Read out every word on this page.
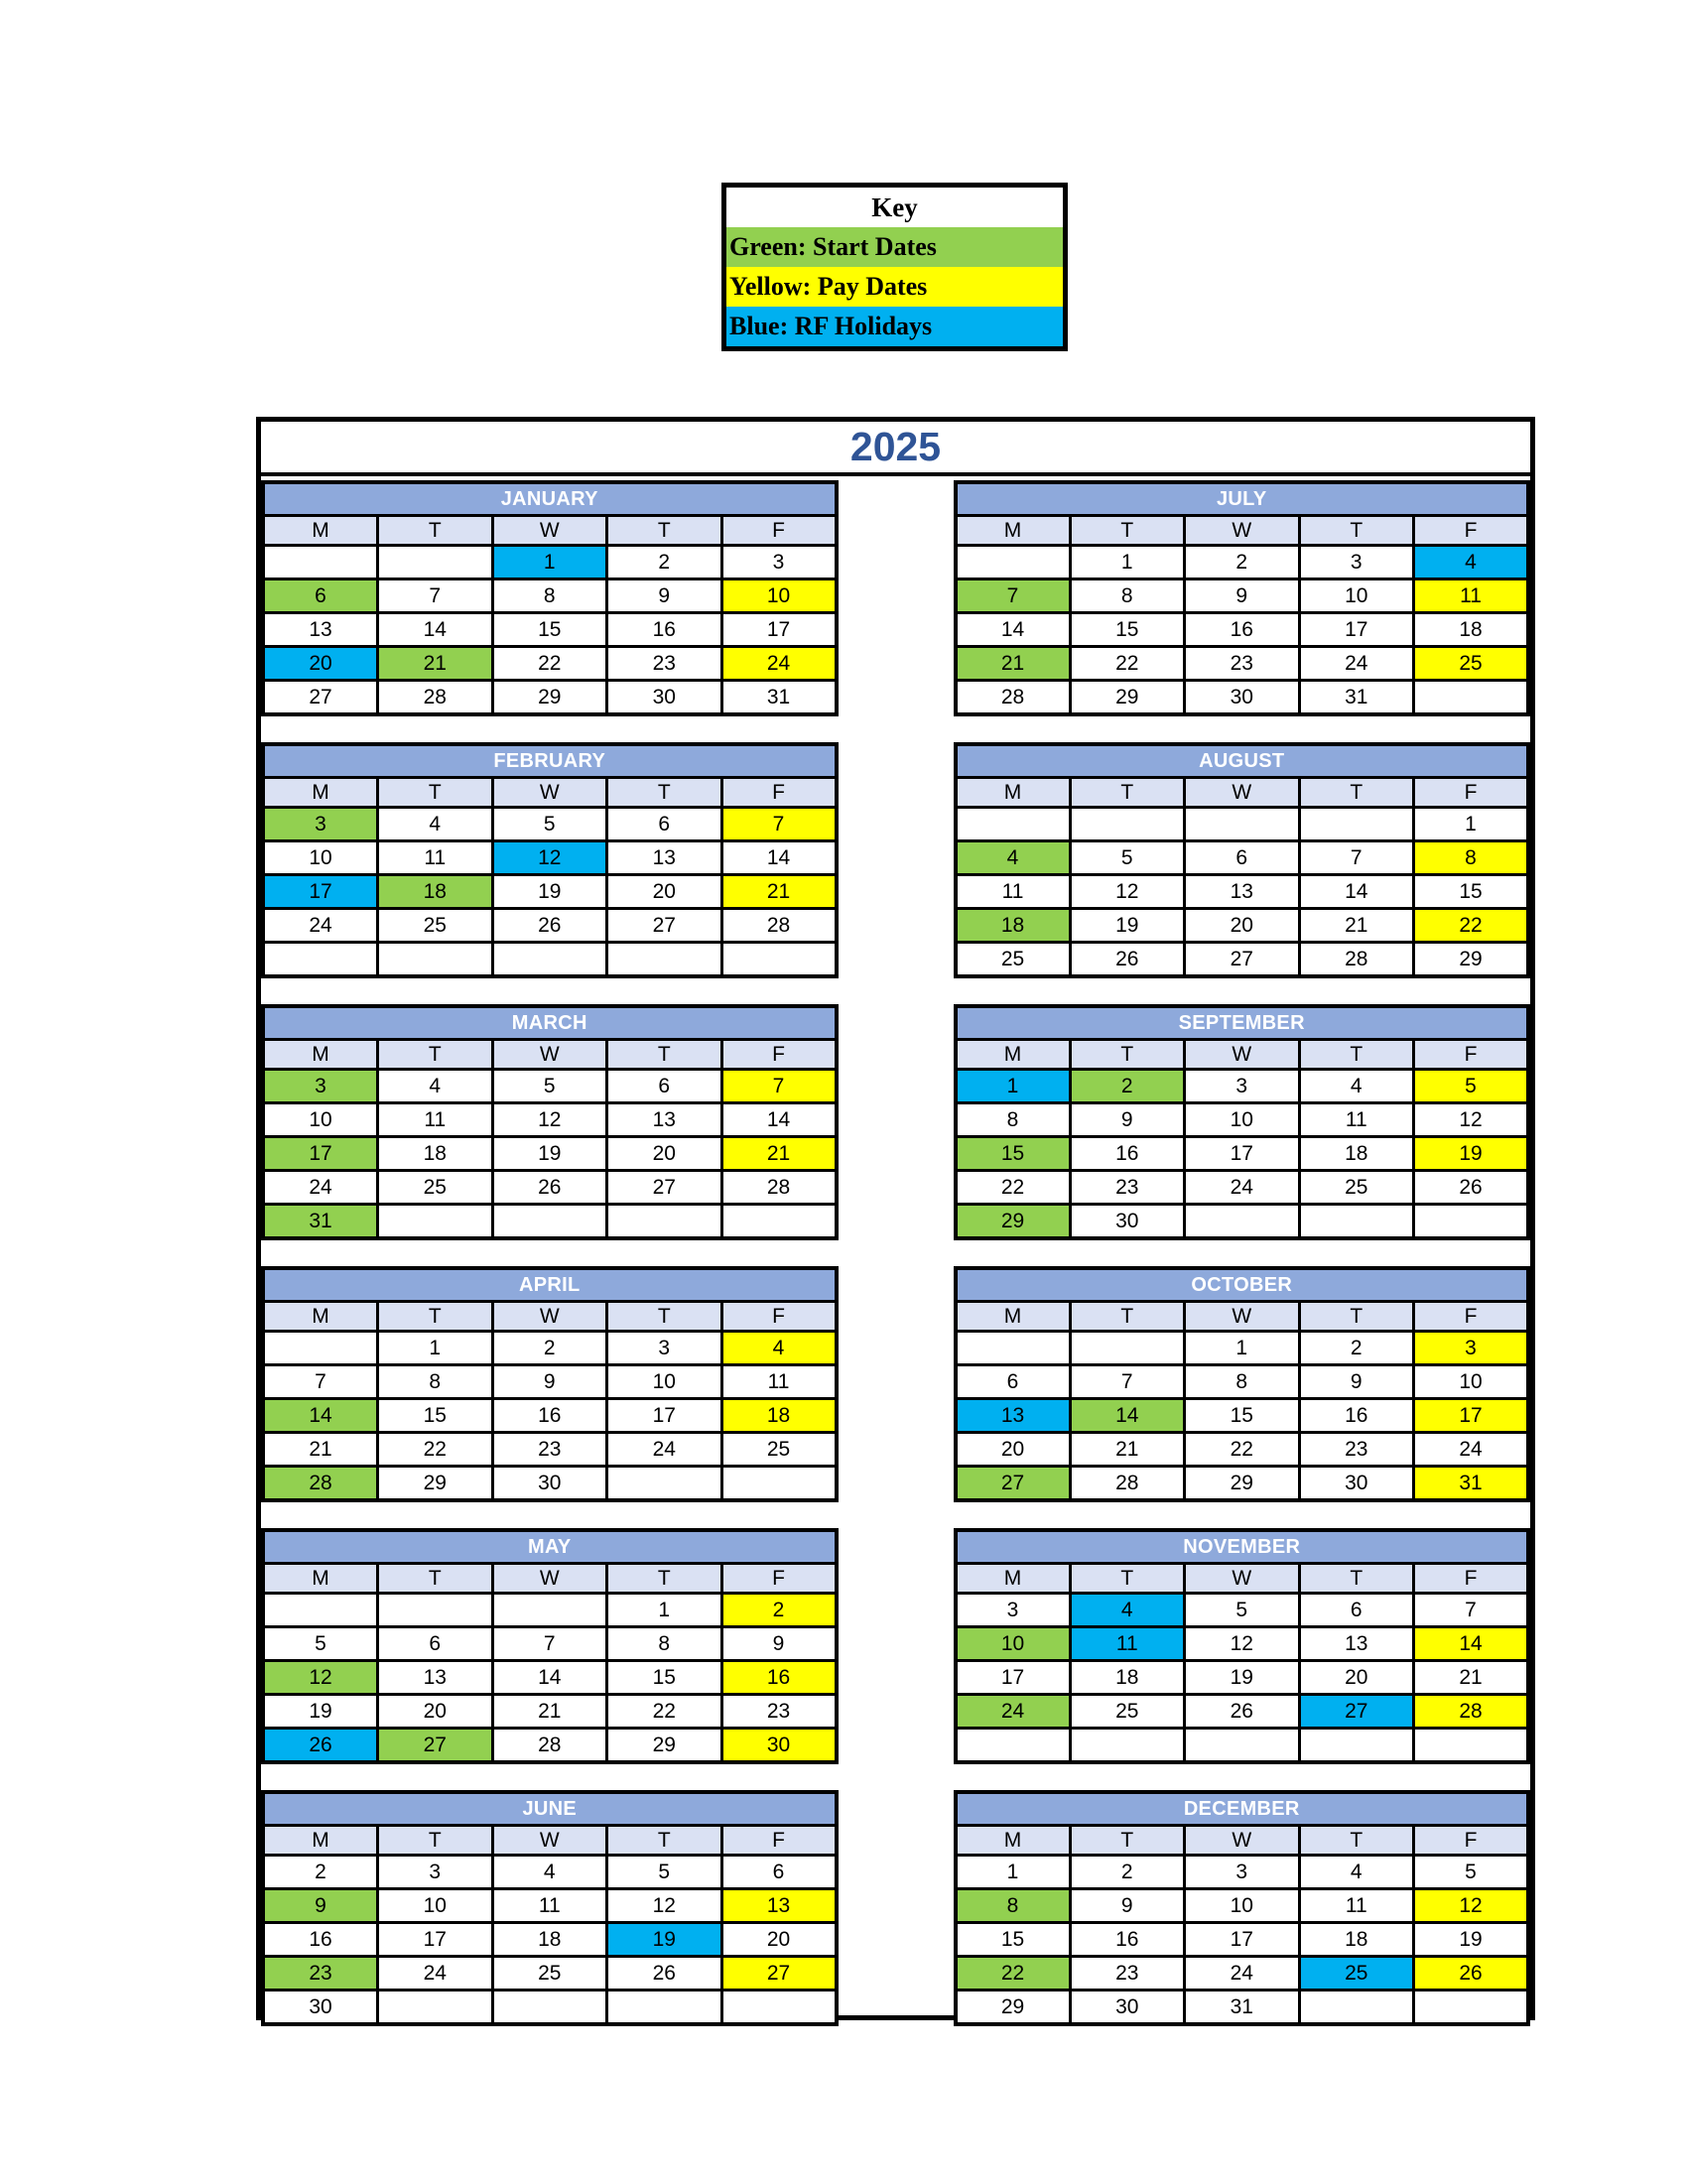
Key
Green: Start Dates
Yellow: Pay Dates
Blue: RF Holidays
2025
JANUARY				
M	T	W	T	F
		1	2	3
6	7	8	9	10
13	14	15	16	17
20	21	22	23	24
27	28	29	30	31
FEBRUARY				
M	T	W	T	F
3	4	5	6	7
10	11	12	13	14
17	18	19	20	21
24	25	26	27	28

MARCH				
M	T	W	T	F
3	4	5	6	7
10	11	12	13	14
17	18	19	20	21
24	25	26	27	28
31				
APRIL				
M	T	W	T	F
	1	2	3	4
7	8	9	10	11
14	15	16	17	18
21	22	23	24	25
28	29	30		
MAY				
M	T	W	T	F
			1	2
5	6	7	8	9
12	13	14	15	16
19	20	21	22	23
26	27	28	29	30
JUNE				
M	T	W	T	F
2	3	4	5	6
9	10	11	12	13
16	17	18	19	20
23	24	25	26	27
30				
JULY				
M	T	W	T	F
	1	2	3	4
7	8	9	10	11
14	15	16	17	18
21	22	23	24	25
28	29	30	31	
AUGUST				
M	T	W	T	F
				1
4	5	6	7	8
11	12	13	14	15
18	19	20	21	22
25	26	27	28	29
SEPTEMBER				
M	T	W	T	F
1	2	3	4	5
8	9	10	11	12
15	16	17	18	19
22	23	24	25	26
29	30			
OCTOBER				
M	T	W	T	F
		1	2	3
6	7	8	9	10
13	14	15	16	17
20	21	22	23	24
27	28	29	30	31
NOVEMBER				
M	T	W	T	F
3	4	5	6	7
10	11	12	13	14
17	18	19	20	21
24	25	26	27	28

DECEMBER				
M	T	W	T	F
1	2	3	4	5
8	9	10	11	12
15	16	17	18	19
22	23	24	25	26
29	30	31		
